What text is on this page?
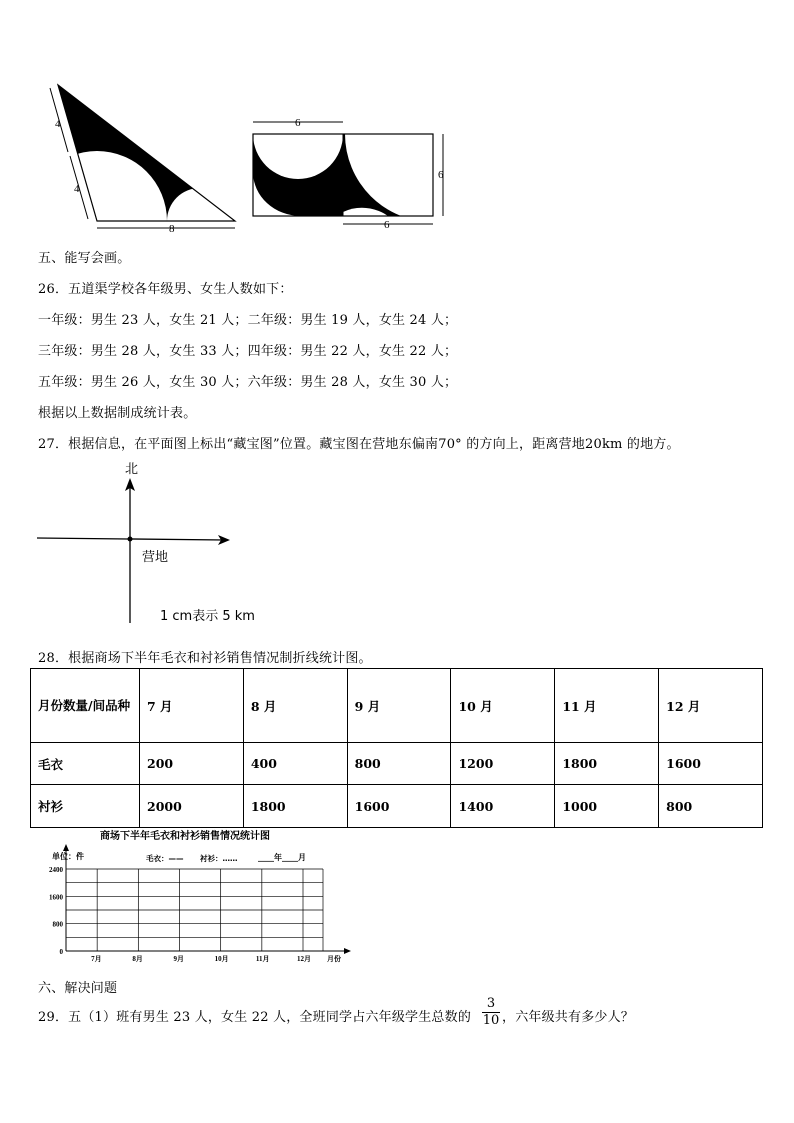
4
4
8
6
6
6
五、能写会画。
26．五道渠学校各年级男、女生人数如下：
一年级：男生 23 人，女生 21 人；二年级：男生 19 人，女生 24 人；
三年级：男生 28 人，女生 33 人；四年级：男生 22 人，女生 22 人；
五年级：男生 26 人，女生 30 人；六年级：男生 28 人，女生 30 人；
根据以上数据制成统计表。
27．根据信息，在平面图上标出“藏宝图”位置。藏宝图在营地东偏南70° 的方向上，距离营地20km 的地方。
北
营地
1 cm表示 5 km
28．根据商场下半年毛衣和衬衫销售情况制折线统计图。
月份数量/间品种	7 月	8 月	9 月	10 月	11 月	12 月
毛衣	200	400	800	1200	1800	1600
衬衫	2000	1800	1600	1400	1000	800
商场下半年毛衣和衬衫销售情况统计图
单位：件	毛衣：—— 衬衫：……	____年____月
7月	8月	9月	10月	11月	12月
2400
1600
800
0
月份
六、解决问题
29．五（1）班有男生 23 人，女生 22 人，全班同学占六年级学生总数的 $\frac{3}{10}$ ，六年级共有多少人？
